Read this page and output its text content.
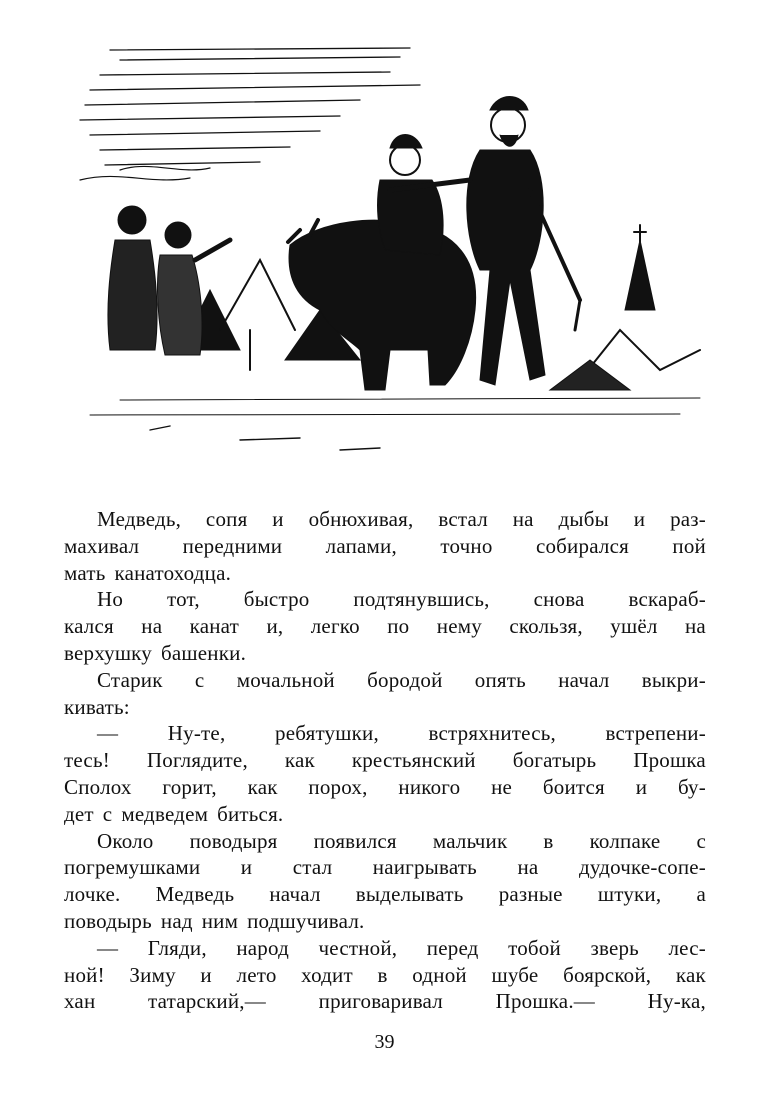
Медведь, сопя и обнюхивая, встал на дыбы и раз-
махивал передними лапами, точно собирался пой
мать канатоходца.
Но тот, быстро подтянувшись, снова вскараб-
кался на канат и, легко по нему скользя, ушёл на
верхушку башенки.
Старик с мочальной бородой опять начал выкри-
кивать:
— Ну-те, ребятушки, встряхнитесь, встрепени-
тесь! Поглядите, как крестьянский богатырь Прошка
Сполох горит, как порох, никого не боится и бу-
дет с медведем биться.
Около поводыря появился мальчик в колпаке с
погремушками и стал наигрывать на дудочке-сопе-
лочке. Медведь начал выделывать разные штуки, а
поводырь над ним подшучивал.
— Гляди, народ честной, перед тобой зверь лес-
ной! Зиму и лето ходит в одной шубе боярской, как
хан	татарский,—	приговаривал	Прошка.—	Ну-ка,
39
